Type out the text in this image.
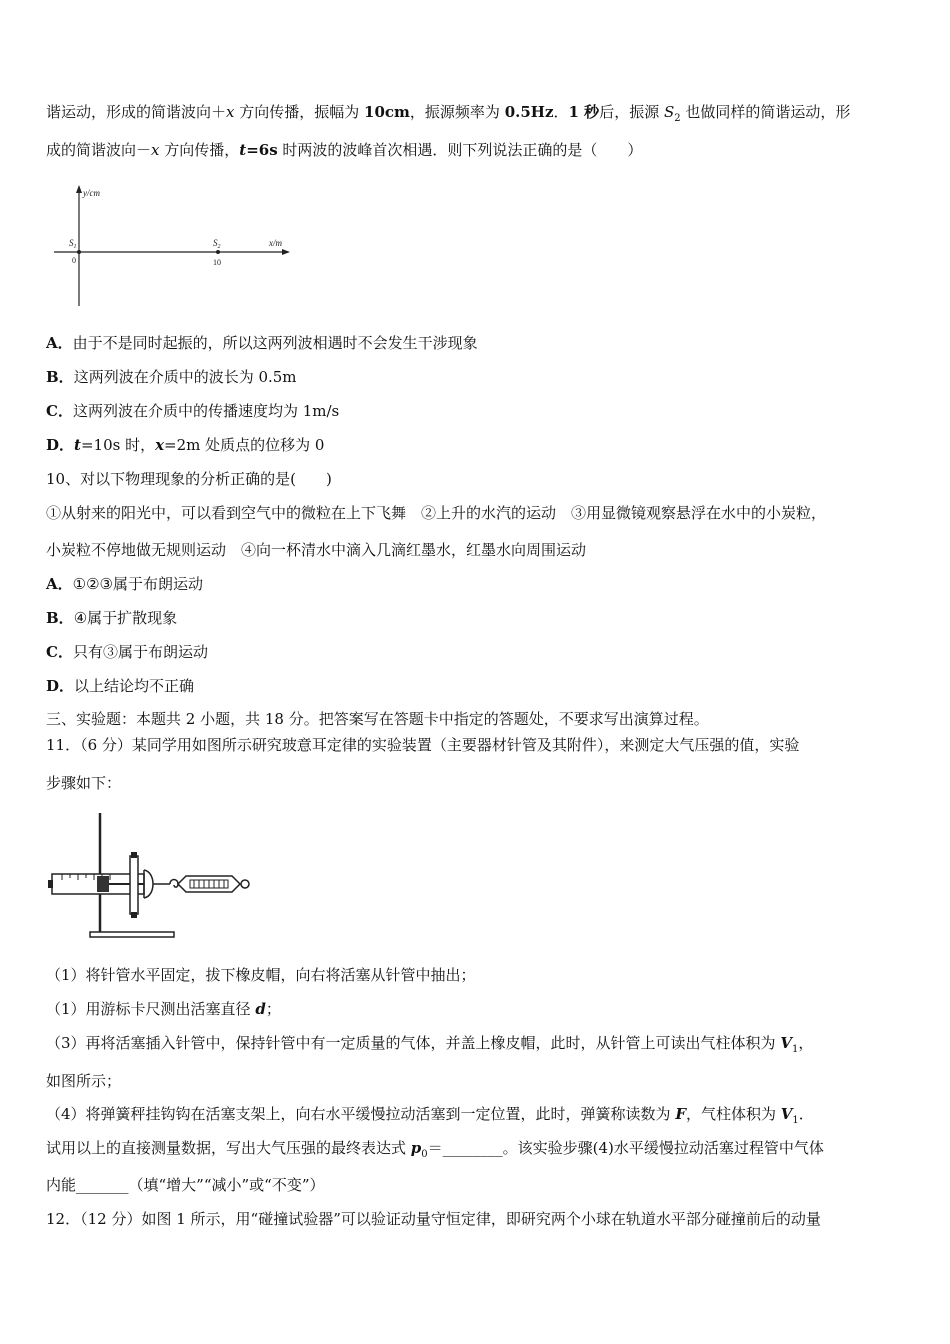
谐运动，形成的简谐波向＋x 方向传播，振幅为 10cm，振源频率为 0.5Hz．1 秒后，振源 $S_2$ 也做同样的简谐运动，形
成的简谐波向－x 方向传播，t=6s 时两波的波峰首次相遇．则下列说法正确的是（　　）
y/cm
x/m
$S_1$
0
$S_2$
10
A．由于不是同时起振的，所以这两列波相遇时不会发生干涉现象
B．这两列波在介质中的波长为 0.5m
C．这两列波在介质中的传播速度均为 1m/s
D．t=10s 时，x=2m 处质点的位移为 0
10、对以下物理现象的分析正确的是(　　)
①从射来的阳光中，可以看到空气中的微粒在上下飞舞　②上升的水汽的运动　③用显微镜观察悬浮在水中的小炭粒，
小炭粒不停地做无规则运动　④向一杯清水中滴入几滴红墨水，红墨水向周围运动
A．①②③属于布朗运动
B．④属于扩散现象
C．只有③属于布朗运动
D．以上结论均不正确
三、实验题：本题共 2 小题，共 18 分。把答案写在答题卡中指定的答题处，不要求写出演算过程。
11．（6 分）某同学用如图所示研究玻意耳定律的实验装置（主要器材针管及其附件），来测定大气压强的值，实验
步骤如下：
（1）将针管水平固定，拔下橡皮帽，向右将活塞从针管中抽出；
（1）用游标卡尺测出活塞直径 d；
（3）再将活塞插入针管中，保持针管中有一定质量的气体，并盖上橡皮帽，此时，从针管上可读出气柱体积为 $V_1$，
如图所示；
（4）将弹簧秤挂钩钩在活塞支架上，向右水平缓慢拉动活塞到一定位置，此时，弹簧称读数为 F，气柱体积为 $V_1$．
试用以上的直接测量数据，写出大气压强的最终表达式 $p_0=\_\_\_\_\_\_\_\_$。该实验步骤(4)水平缓慢拉动活塞过程管中气体
内能_______（填“增大”“减小”或“不变”）
12．（12 分）如图 1 所示，用“碰撞试验器”可以验证动量守恒定律，即研究两个小球在轨道水平部分碰撞前后的动量
